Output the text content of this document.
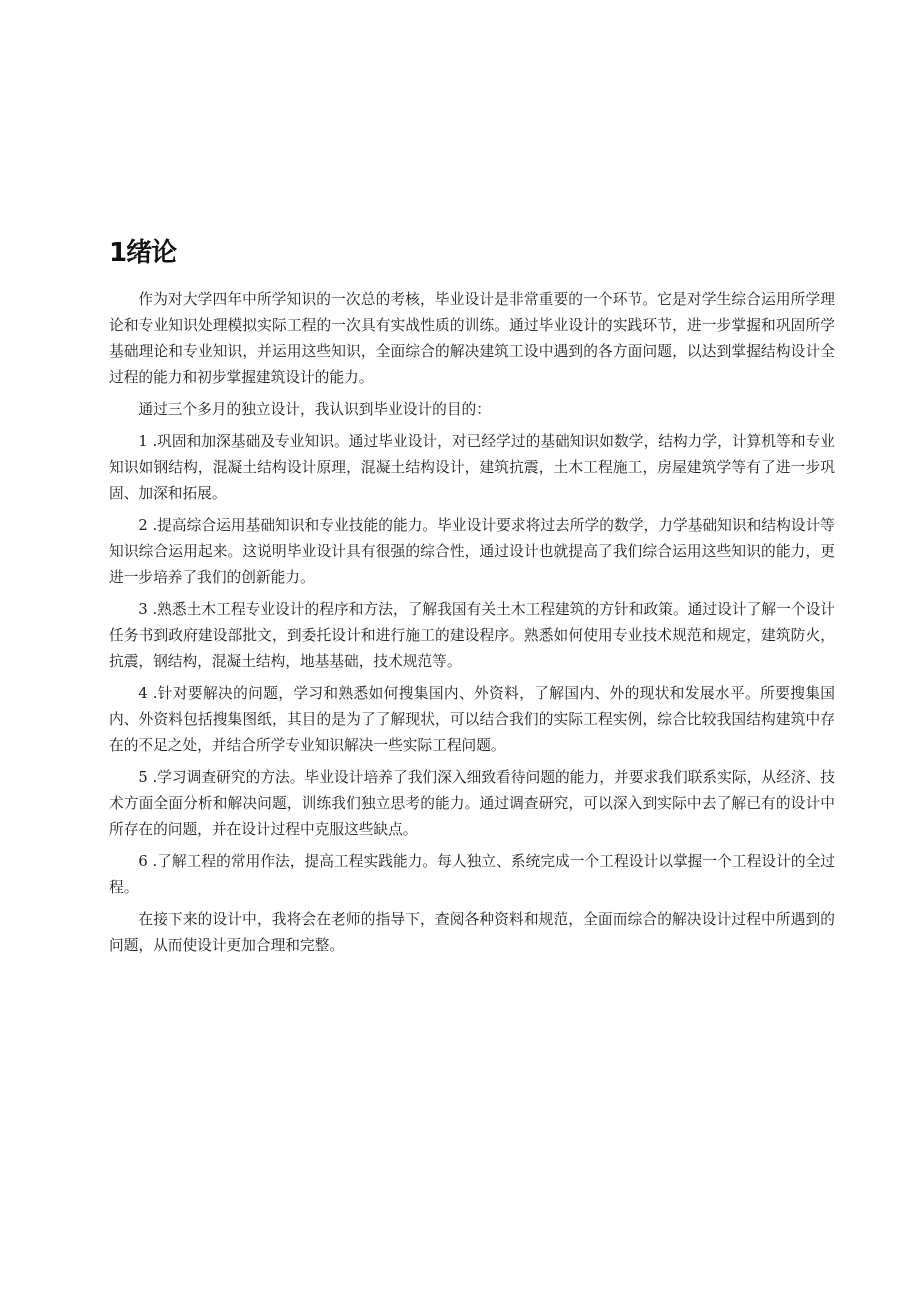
1绪论

作为对大学四年中所学知识的一次总的考核，毕业设计是非常重要的一个环节。它是对学生综合运用所学理论和专业知识处理模拟实际工程的一次具有实战性质的训练。通过毕业设计的实践环节，进一步掌握和巩固所学基础理论和专业知识，并运用这些知识，全面综合的解决建筑工设中遇到的各方面问题，以达到掌握结构设计全过程的能力和初步掌握建筑设计的能力。

通过三个多月的独立设计，我认识到毕业设计的目的：

1 .巩固和加深基础及专业知识。通过毕业设计，对已经学过的基础知识如数学，结构力学，计算机等和专业知识如钢结构，混凝土结构设计原理，混凝土结构设计，建筑抗震，土木工程施工，房屋建筑学等有了进一步巩固、加深和拓展。

2 .提高综合运用基础知识和专业技能的能力。毕业设计要求将过去所学的数学，力学基础知识和结构设计等知识综合运用起来。这说明毕业设计具有很强的综合性，通过设计也就提高了我们综合运用这些知识的能力，更进一步培养了我们的创新能力。

3 .熟悉土木工程专业设计的程序和方法，了解我国有关土木工程建筑的方针和政策。通过设计了解一个设计任务书到政府建设部批文，到委托设计和进行施工的建设程序。熟悉如何使用专业技术规范和规定，建筑防火，抗震，钢结构，混凝土结构，地基基础，技术规范等。

4 .针对要解决的问题，学习和熟悉如何搜集国内、外资料，了解国内、外的现状和发展水平。所要搜集国内、外资料包括搜集图纸，其目的是为了了解现状，可以结合我们的实际工程实例，综合比较我国结构建筑中存在的不足之处，并结合所学专业知识解决一些实际工程问题。

5 .学习调查研究的方法。毕业设计培养了我们深入细致看待问题的能力，并要求我们联系实际，从经济、技术方面全面分析和解决问题，训练我们独立思考的能力。通过调查研究，可以深入到实际中去了解已有的设计中所存在的问题，并在设计过程中克服这些缺点。

6 .了解工程的常用作法，提高工程实践能力。每人独立、系统完成一个工程设计以掌握一个工程设计的全过程。

在接下来的设计中，我将会在老师的指导下，查阅各种资料和规范，全面而综合的解决设计过程中所遇到的问题，从而使设计更加合理和完整。
